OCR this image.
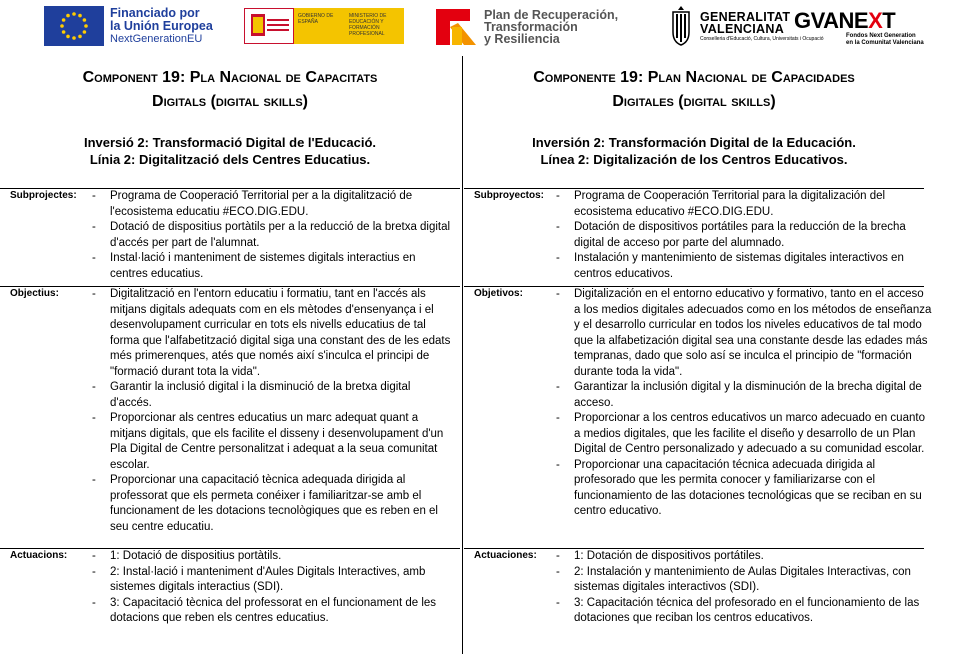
Financiado por
la Unión Europea
NextGenerationEU
GOBIERNO DE ESPAÑA
MINISTERIO DE EDUCACIÓN Y FORMACIÓN PROFESIONAL
Plan de Recuperación,
Transformación
y Resiliencia
GENERALITAT
VALENCIANA
Conselleria d'Educació, Cultura, Universitats i Ocupació
GVANEXT
Fondos Next Generation
en la Comunitat Valenciana
Component 19: Pla Nacional de Capacitats
Digitals (digital skills)
Inversió 2: Transformació Digital de l'Educació.
Línia 2: Digitalització dels Centres Educatius.
Subprojectes:	- Programa de Cooperació Territorial per a la digitalització de l'ecosistema educatiu #ECO.DIG.EDU.
- Dotació de dispositius portàtils per a la reducció de la bretxa digital d'accés per part de l'alumnat.
- Instal·lació i manteniment de sistemes digitals interactius en centres educatius.
Objectius:	- Digitalització en l'entorn educatiu i formatiu, tant en l'accés als mitjans digitals adequats com en els mètodes d'ensenyança i el desenvolupament curricular en tots els nivells educatius de tal forma que l'alfabetització digital siga una constant des de les edats més primerenques, atés que només així s'inculca el principi de "formació durant tota la vida".
- Garantir la inclusió digital i la disminució de la bretxa digital d'accés.
- Proporcionar als centres educatius un marc adequat quant a mitjans digitals, que els facilite el disseny i desenvolupament d'un Pla Digital de Centre personalitzat i adequat a la seua comunitat escolar.
- Proporcionar una capacitació tècnica adequada dirigida al professorat que els permeta conéixer i familiaritzar-se amb el funcionament de les dotacions tecnològiques que es reben en el seu centre educatiu.
Actuacions:	- 1: Dotació de dispositius portàtils.
- 2: Instal·lació i manteniment d'Aules Digitals Interactives, amb sistemes digitals interactius (SDI).
- 3: Capacitació tècnica del professorat en el funcionament de les dotacions que reben els centres educatius.
Componente 19: Plan Nacional de Capacidades
Digitales (digital skills)
Inversión 2: Transformación Digital de la Educación.
Línea 2: Digitalización de los Centros Educativos.
Subproyectos:	- Programa de Cooperación Territorial para la digitalización del ecosistema educativo #ECO.DIG.EDU.
- Dotación de dispositivos portátiles para la reducción de la brecha digital de acceso por parte del alumnado.
- Instalación y mantenimiento de sistemas digitales interactivos en centros educativos.
Objetivos:	- Digitalización en el entorno educativo y formativo, tanto en el acceso a los medios digitales adecuados como en los métodos de enseñanza y el desarrollo curricular en todos los niveles educativos de tal modo que la alfabetización digital sea una constante desde las edades más tempranas, dado que solo así se inculca el principio de "formación durante toda la vida".
- Garantizar la inclusión digital y la disminución de la brecha digital de acceso.
- Proporcionar a los centros educativos un marco adecuado en cuanto a medios digitales, que les facilite el diseño y desarrollo de un Plan Digital de Centro personalizado y adecuado a su comunidad escolar.
- Proporcionar una capacitación técnica adecuada dirigida al profesorado que les permita conocer y familiarizarse con el funcionamiento de las dotaciones tecnológicas que se reciban en su centro educativo.
Actuaciones:	- 1: Dotación de dispositivos portátiles.
- 2: Instalación y mantenimiento de Aulas Digitales Interactivas, con sistemas digitales interactivos (SDI).
- 3: Capacitación técnica del profesorado en el funcionamiento de las dotaciones que reciban los centros educativos.
